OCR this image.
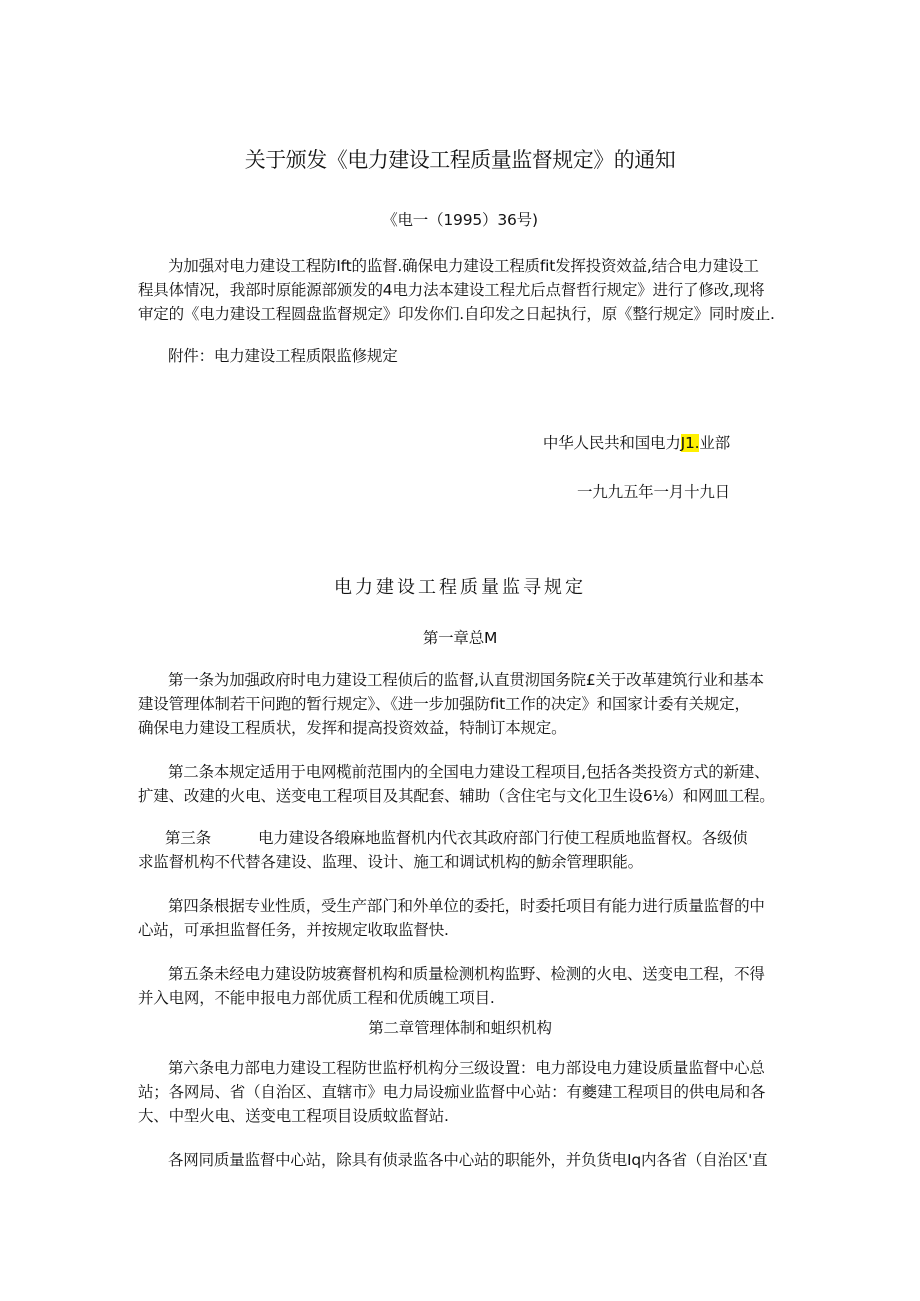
关于颁发《电力建设工程质量监督规定》的通知
《电一（1995）36号)
为加强对电力建设工程防Ift的监督.确保电力建设工程质fit发挥投资效益,结合电力建设工
程具体情况，我部时原能源部颁发的4电力法本建设工程尤后点督哲行规定》进行了修改,现将
审定的《电力建设工程圆盘监督规定》印发你们.自印发之日起执行，原《整行规定》同时废止.
附件：电力建设工程质限监修规定
中华人民共和国电力J1.业部
一九九五年一月十九日
电力建设工程质量监寻规定
第一章总M
第一条为加强政府时电力建设工程侦后的监督,认直贯沏国务院£关于改革建筑行业和基本
建设管理体制若干问跑的暂行规定》、《进一步加强防fit工作的决定》和国家计委有关规定，
确保电力建设工程质状，发挥和提高投资效益，特制订本规定。
第二条本规定适用于电网榄前范围内的全国电力建设工程项目,包括各类投资方式的新建、
扩建、改建的火电、送变电工程项目及其配套、辅助（含住宅与文化卫生设6⅛）和网皿工程。
第三条	电力建设各缎麻地监督机内代衣其政府部门行使工程质地监督权。各级侦
求监督机构不代替各建设、监理、设计、施工和调试机构的魴余管理职能。
第四条根据专业性质，受生产部门和外单位的委托，时委托项目有能力进行质量监督的中
心站，可承担监督任务，并按规定收取监督快.
第五条未经电力建设防坡赛督机构和质量检测机构监野、检测的火电、送变电工程，不得
并入电网，不能申报电力部优质工程和优质魄工项目.
第二章管理体制和蛆织机构
第六条电力部电力建设工程防世监杼机构分三级设置：电力部设电力建设质量监督中心总
站；各网局、省（自治区、直辖市》电力局设痂业监督中心站：有夔建工程项目的供电局和各
大、中型火电、送变电工程项目设质蚊监督站.
各网同质量监督中心站，除具有侦录监各中心站的职能外，并负货电Iq内各省（自治区'直
